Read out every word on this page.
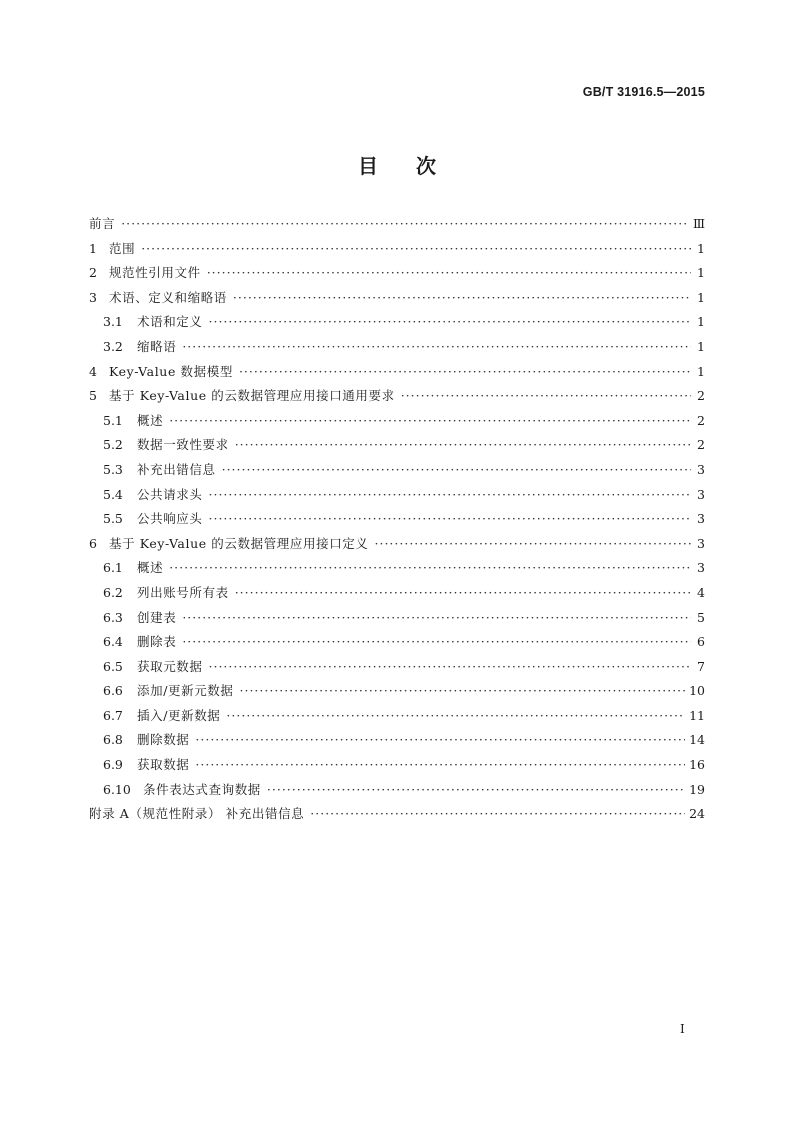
GB/T 31916.5—2015
目 次
前言 ·····	Ⅲ
1 范围 ·····	1
2 规范性引用文件 ·····	1
3 术语、定义和缩略语 ·····	1
3.1	术语和定义 ·····	1
3.2	缩略语 ·····	1
4 Key-Value 数据模型 ·····	1
5 基于 Key-Value 的云数据管理应用接口通用要求 ·····	2
5.1	概述 ·····	2
5.2	数据一致性要求 ·····	2
5.3	补充出错信息 ·····	3
5.4	公共请求头 ·····	3
5.5	公共响应头 ·····	3
6 基于 Key-Value 的云数据管理应用接口定义 ·····	3
6.1	概述 ·····	3
6.2	列出账号所有表 ·····	4
6.3	创建表 ·····	5
6.4	删除表 ·····	6
6.5	获取元数据 ·····	7
6.6	添加/更新元数据 ·····	10
6.7	插入/更新数据 ·····	11
6.8	删除数据 ·····	14
6.9	获取数据 ·····	16
6.10 条件表达式查询数据 ·····	19
附录 A（规范性附录） 补充出错信息 ·····	24
I
